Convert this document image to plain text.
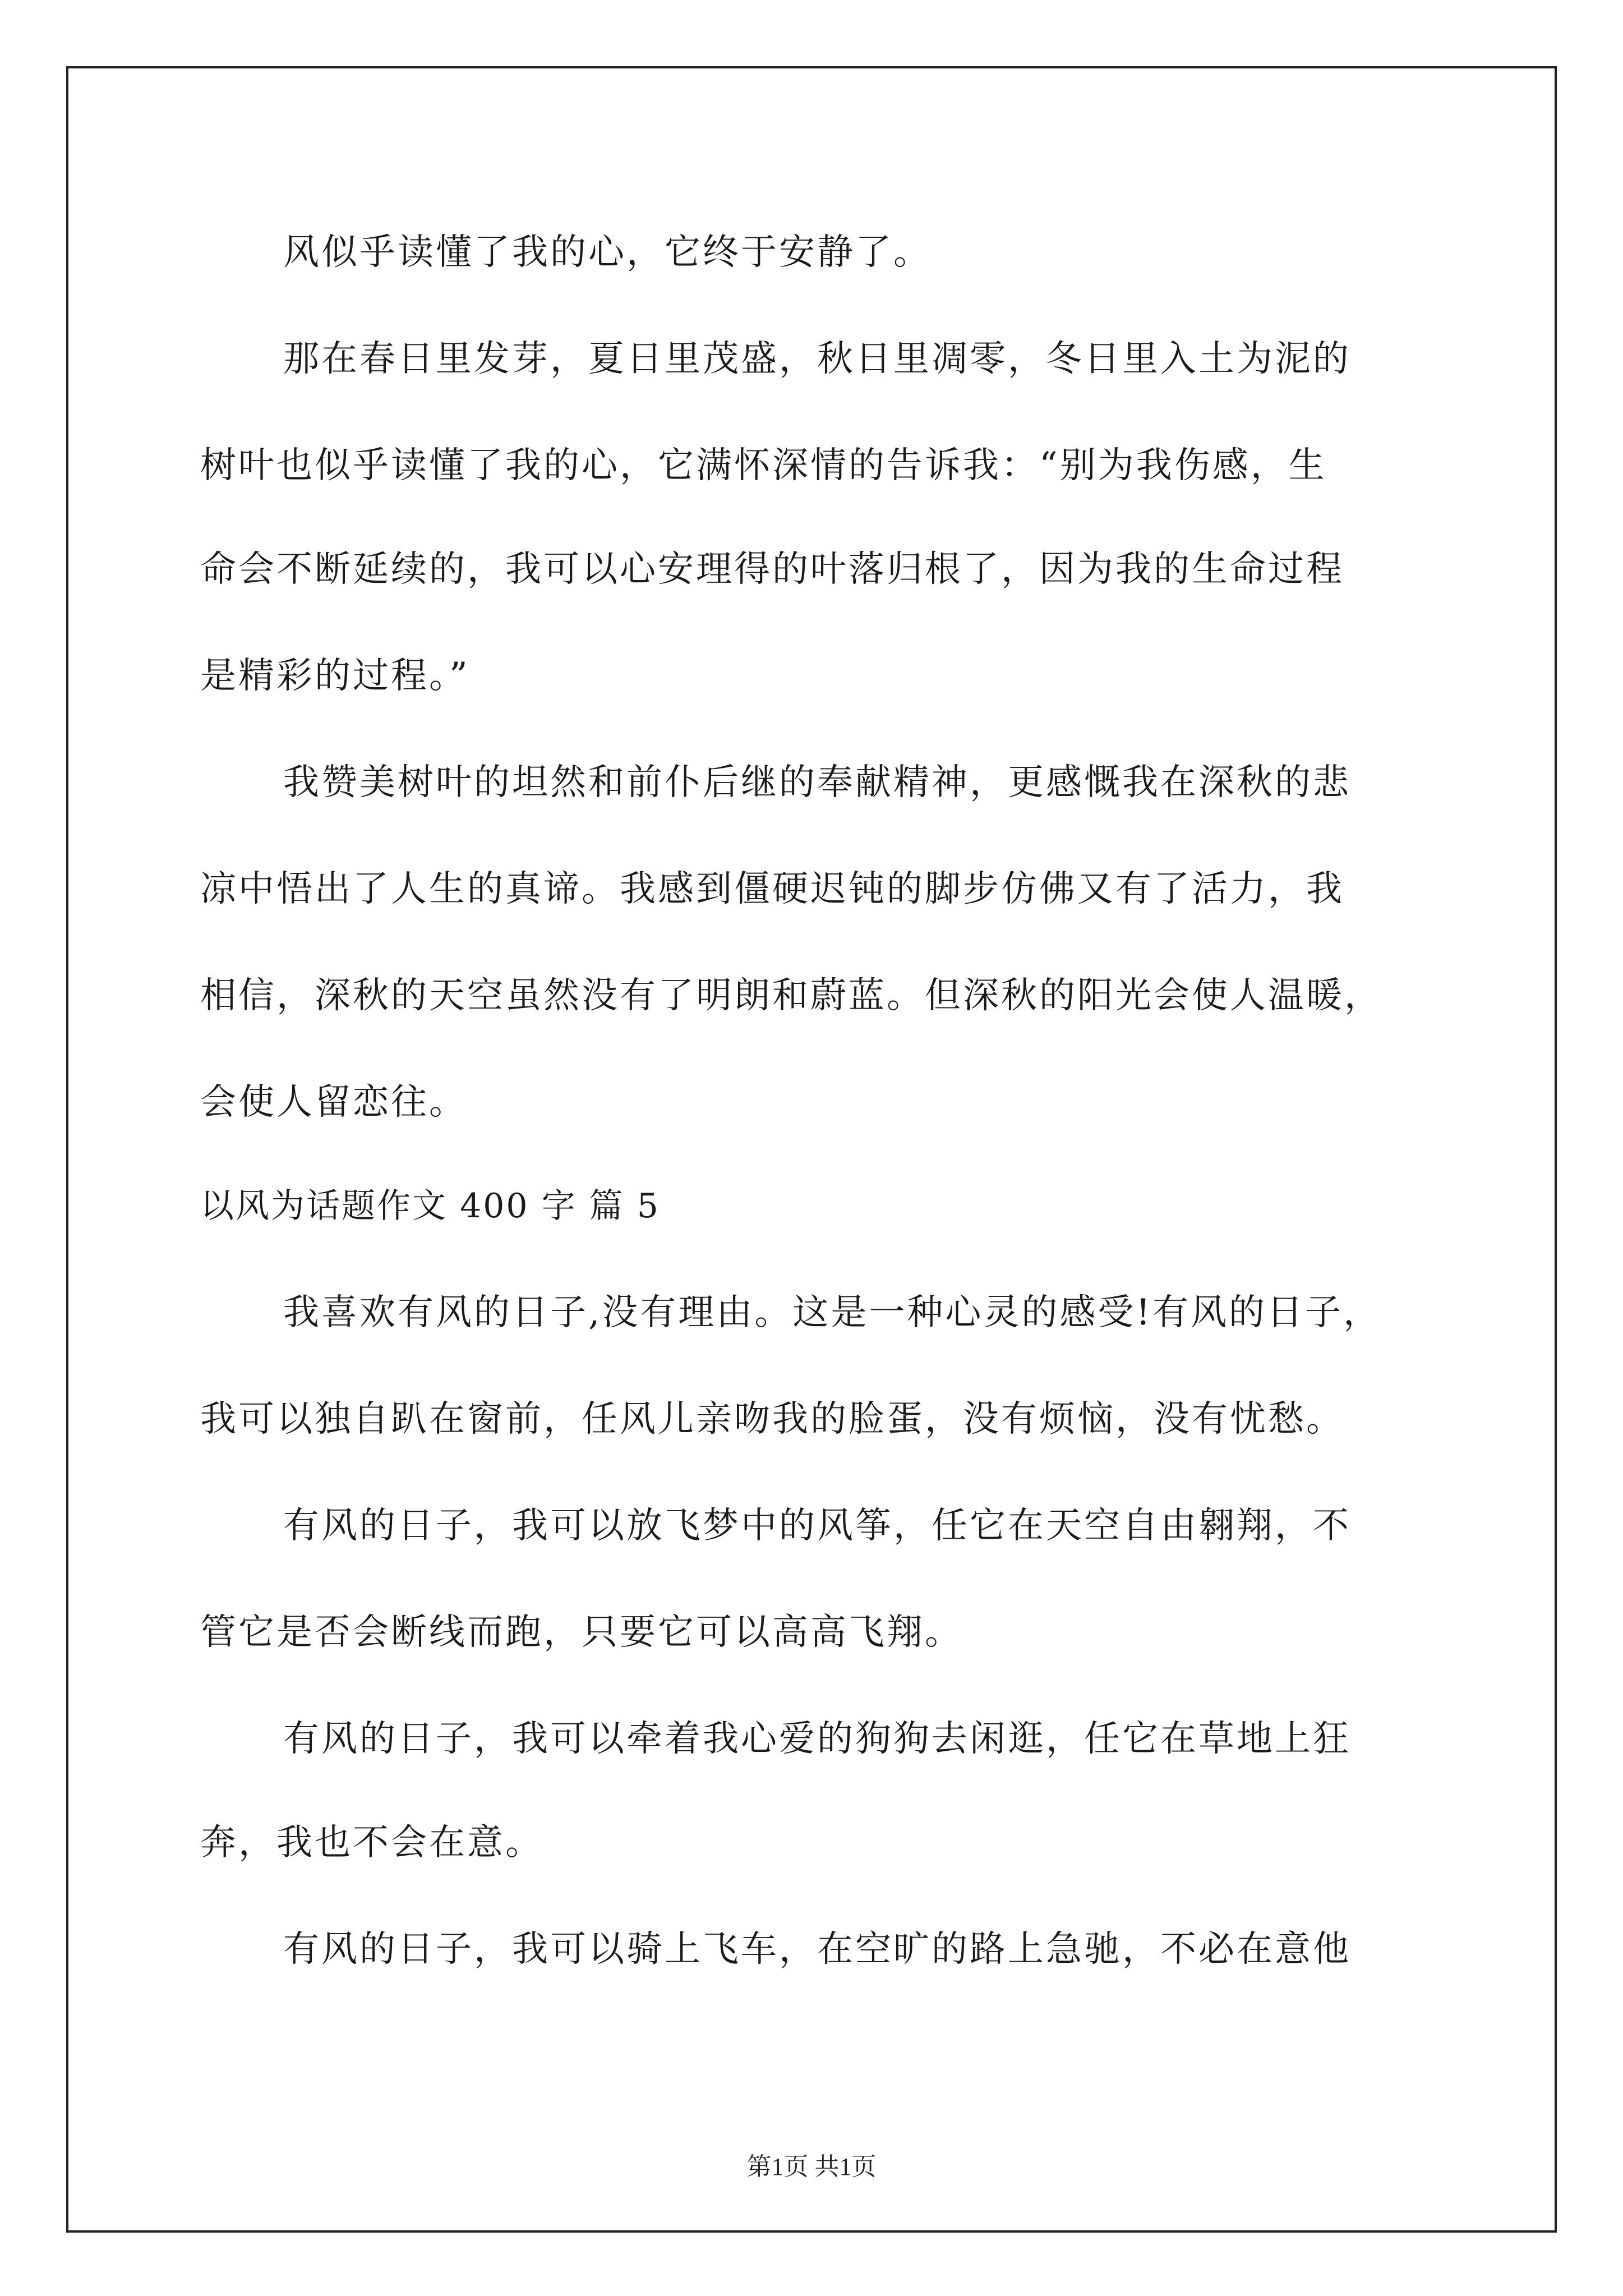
风似乎读懂了我的心，它终于安静了。
那在春日里发芽，夏日里茂盛，秋日里凋零，冬日里入土为泥的
树叶也似乎读懂了我的心，它满怀深情的告诉我：“别为我伤感，生
命会不断延续的，我可以心安理得的叶落归根了，因为我的生命过程
是精彩的过程。”
我赞美树叶的坦然和前仆后继的奉献精神，更感慨我在深秋的悲
凉中悟出了人生的真谛。我感到僵硬迟钝的脚步仿佛又有了活力，我
相信，深秋的天空虽然没有了明朗和蔚蓝。但深秋的阳光会使人温暖，
会使人留恋往。
以风为话题作文 400 字 篇 5
我喜欢有风的日子,没有理由。这是一种心灵的感受!有风的日子，
我可以独自趴在窗前，任风儿亲吻我的脸蛋，没有烦恼，没有忧愁。
有风的日子，我可以放飞梦中的风筝，任它在天空自由翱翔，不
管它是否会断线而跑，只要它可以高高飞翔。
有风的日子，我可以牵着我心爱的狗狗去闲逛，任它在草地上狂
奔，我也不会在意。
有风的日子，我可以骑上飞车，在空旷的路上急驰，不必在意他
第1页 共1页
